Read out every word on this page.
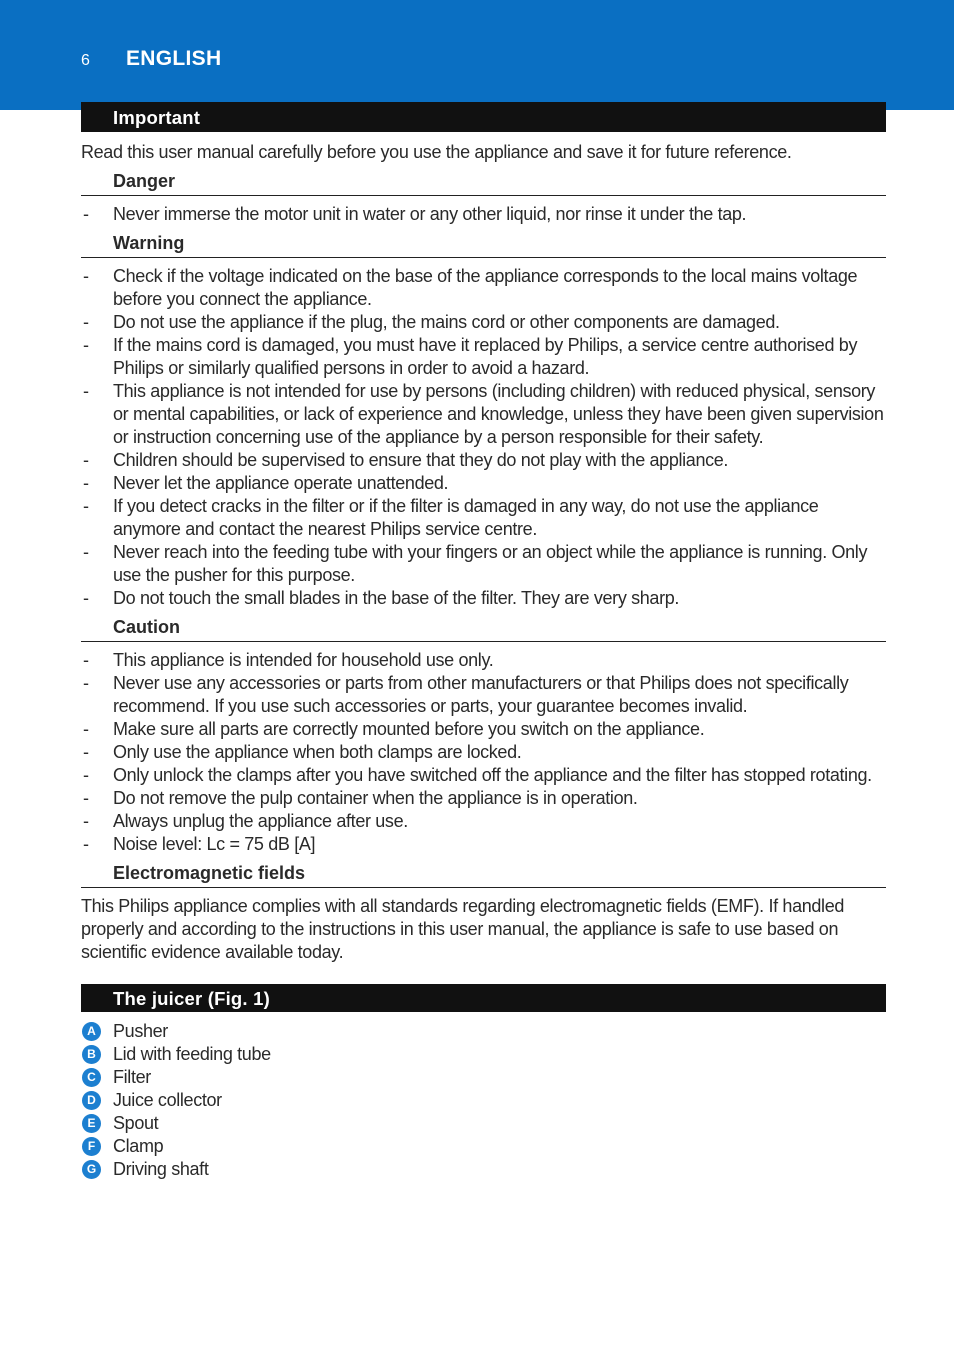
6 ENGLISH
Important

Read this user manual carefully before you use the appliance and save it for future reference.

Danger
- Never immerse the motor unit in water or any other liquid, nor rinse it under the tap.
Warning
- Check if the voltage indicated on the base of the appliance corresponds to the local mains voltage before you connect the appliance.
- Do not use the appliance if the plug, the mains cord or other components are damaged.
- If the mains cord is damaged, you must have it replaced by Philips, a service centre authorised by Philips or similarly qualified persons in order to avoid a hazard.
- This appliance is not intended for use by persons (including children) with reduced physical, sensory or mental capabilities, or lack of experience and knowledge, unless they have been given supervision or instruction concerning use of the appliance by a person responsible for their safety.
- Children should be supervised to ensure that they do not play with the appliance.
- Never let the appliance operate unattended.
- If you detect cracks in the filter or if the filter is damaged in any way, do not use the appliance anymore and contact the nearest Philips service centre.
- Never reach into the feeding tube with your fingers or an object while the appliance is running. Only use the pusher for this purpose.
- Do not touch the small blades in the base of the filter. They are very sharp.
Caution
- This appliance is intended for household use only.
- Never use any accessories or parts from other manufacturers or that Philips does not specifically recommend. If you use such accessories or parts, your guarantee becomes invalid.
- Make sure all parts are correctly mounted before you switch on the appliance.
- Only use the appliance when both clamps are locked.
- Only unlock the clamps after you have switched off the appliance and the filter has stopped rotating.
- Do not remove the pulp container when the appliance is in operation.
- Always unplug the appliance after use.
- Noise level: Lc = 75 dB [A]
Electromagnetic fields

This Philips appliance complies with all standards regarding electromagnetic fields (EMF). If handled properly and according to the instructions in this user manual, the appliance is safe to use based on scientific evidence available today.

The juicer (Fig. 1)
A Pusher
B Lid with feeding tube
C Filter
D Juice collector
E Spout
F Clamp
G Driving shaft
